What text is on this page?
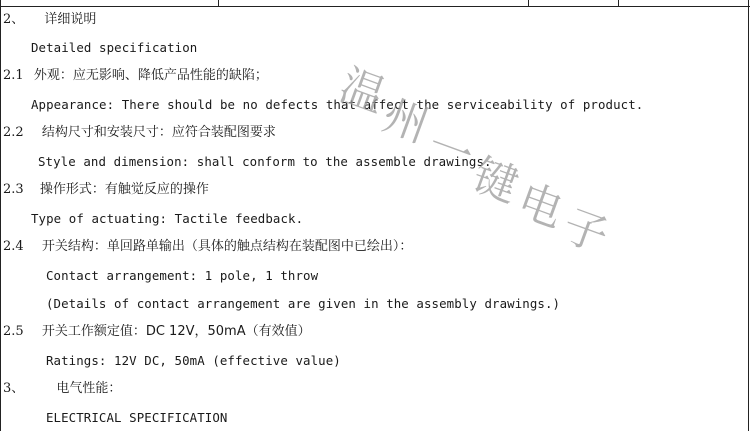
2、 详细说明
Detailed specification
2.1 外观：应无影响、降低产品性能的缺陷；
Appearance: There should be no defects that affect the serviceability of product.
2.2 结构尺寸和安装尺寸：应符合装配图要求
Style and dimension: shall conform to the assemble drawings.
2.3 操作形式：有触觉反应的操作
Type of actuating: Tactile feedback.
2.4 开关结构：单回路单输出（具体的触点结构在装配图中已绘出）：
Contact arrangement: 1 pole, 1 throw
(Details of contact arrangement are given in the assembly drawings.)
2.5 开关工作额定值：DC 12V，50mA（有效值）
Ratings: 12V DC, 50mA (effective value)
3、 电气性能：
ELECTRICAL SPECIFICATION
温
州
一
键
电
子
